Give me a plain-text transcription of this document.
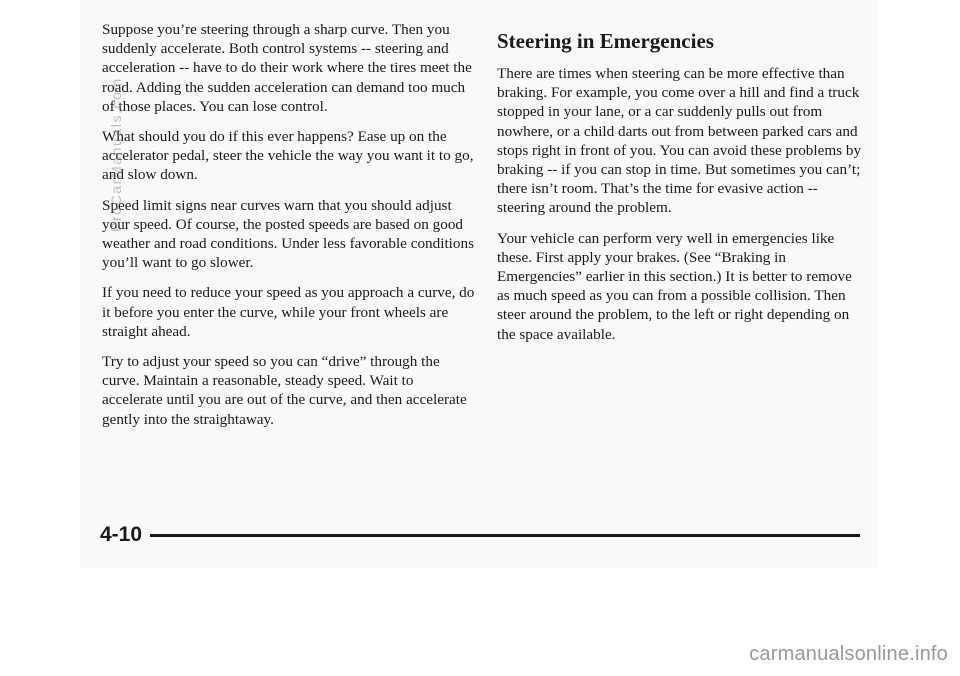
Suppose you’re steering through a sharp curve. Then you suddenly accelerate. Both control systems -- steering and acceleration -- have to do their work where the tires meet the road. Adding the sudden acceleration can demand too much of those places. You can lose control.

What should you do if this ever happens? Ease up on the accelerator pedal, steer the vehicle the way you want it to go, and slow down.

Speed limit signs near curves warn that you should adjust your speed. Of course, the posted speeds are based on good weather and road conditions. Under less favorable conditions you’ll want to go slower.

If you need to reduce your speed as you approach a curve, do it before you enter the curve, while your front wheels are straight ahead.

Try to adjust your speed so you can “drive” through the curve. Maintain a reasonable, steady speed. Wait to accelerate until you are out of the curve, and then accelerate gently into the straightaway.

Steering in Emergencies

There are times when steering can be more effective than braking. For example, you come over a hill and find a truck stopped in your lane, or a car suddenly pulls out from nowhere, or a child darts out from between parked cars and stops right in front of you. You can avoid these problems by braking -- if you can stop in time. But sometimes you can’t; there isn’t room. That’s the time for evasive action -- steering around the problem.

Your vehicle can perform very well in emergencies like these. First apply your brakes. (See “Braking in Emergencies” earlier in this section.) It is better to remove as much speed as you can from a possible collision. Then steer around the problem, to the left or right depending on the space available.

4-10
carmanualsonline.info
